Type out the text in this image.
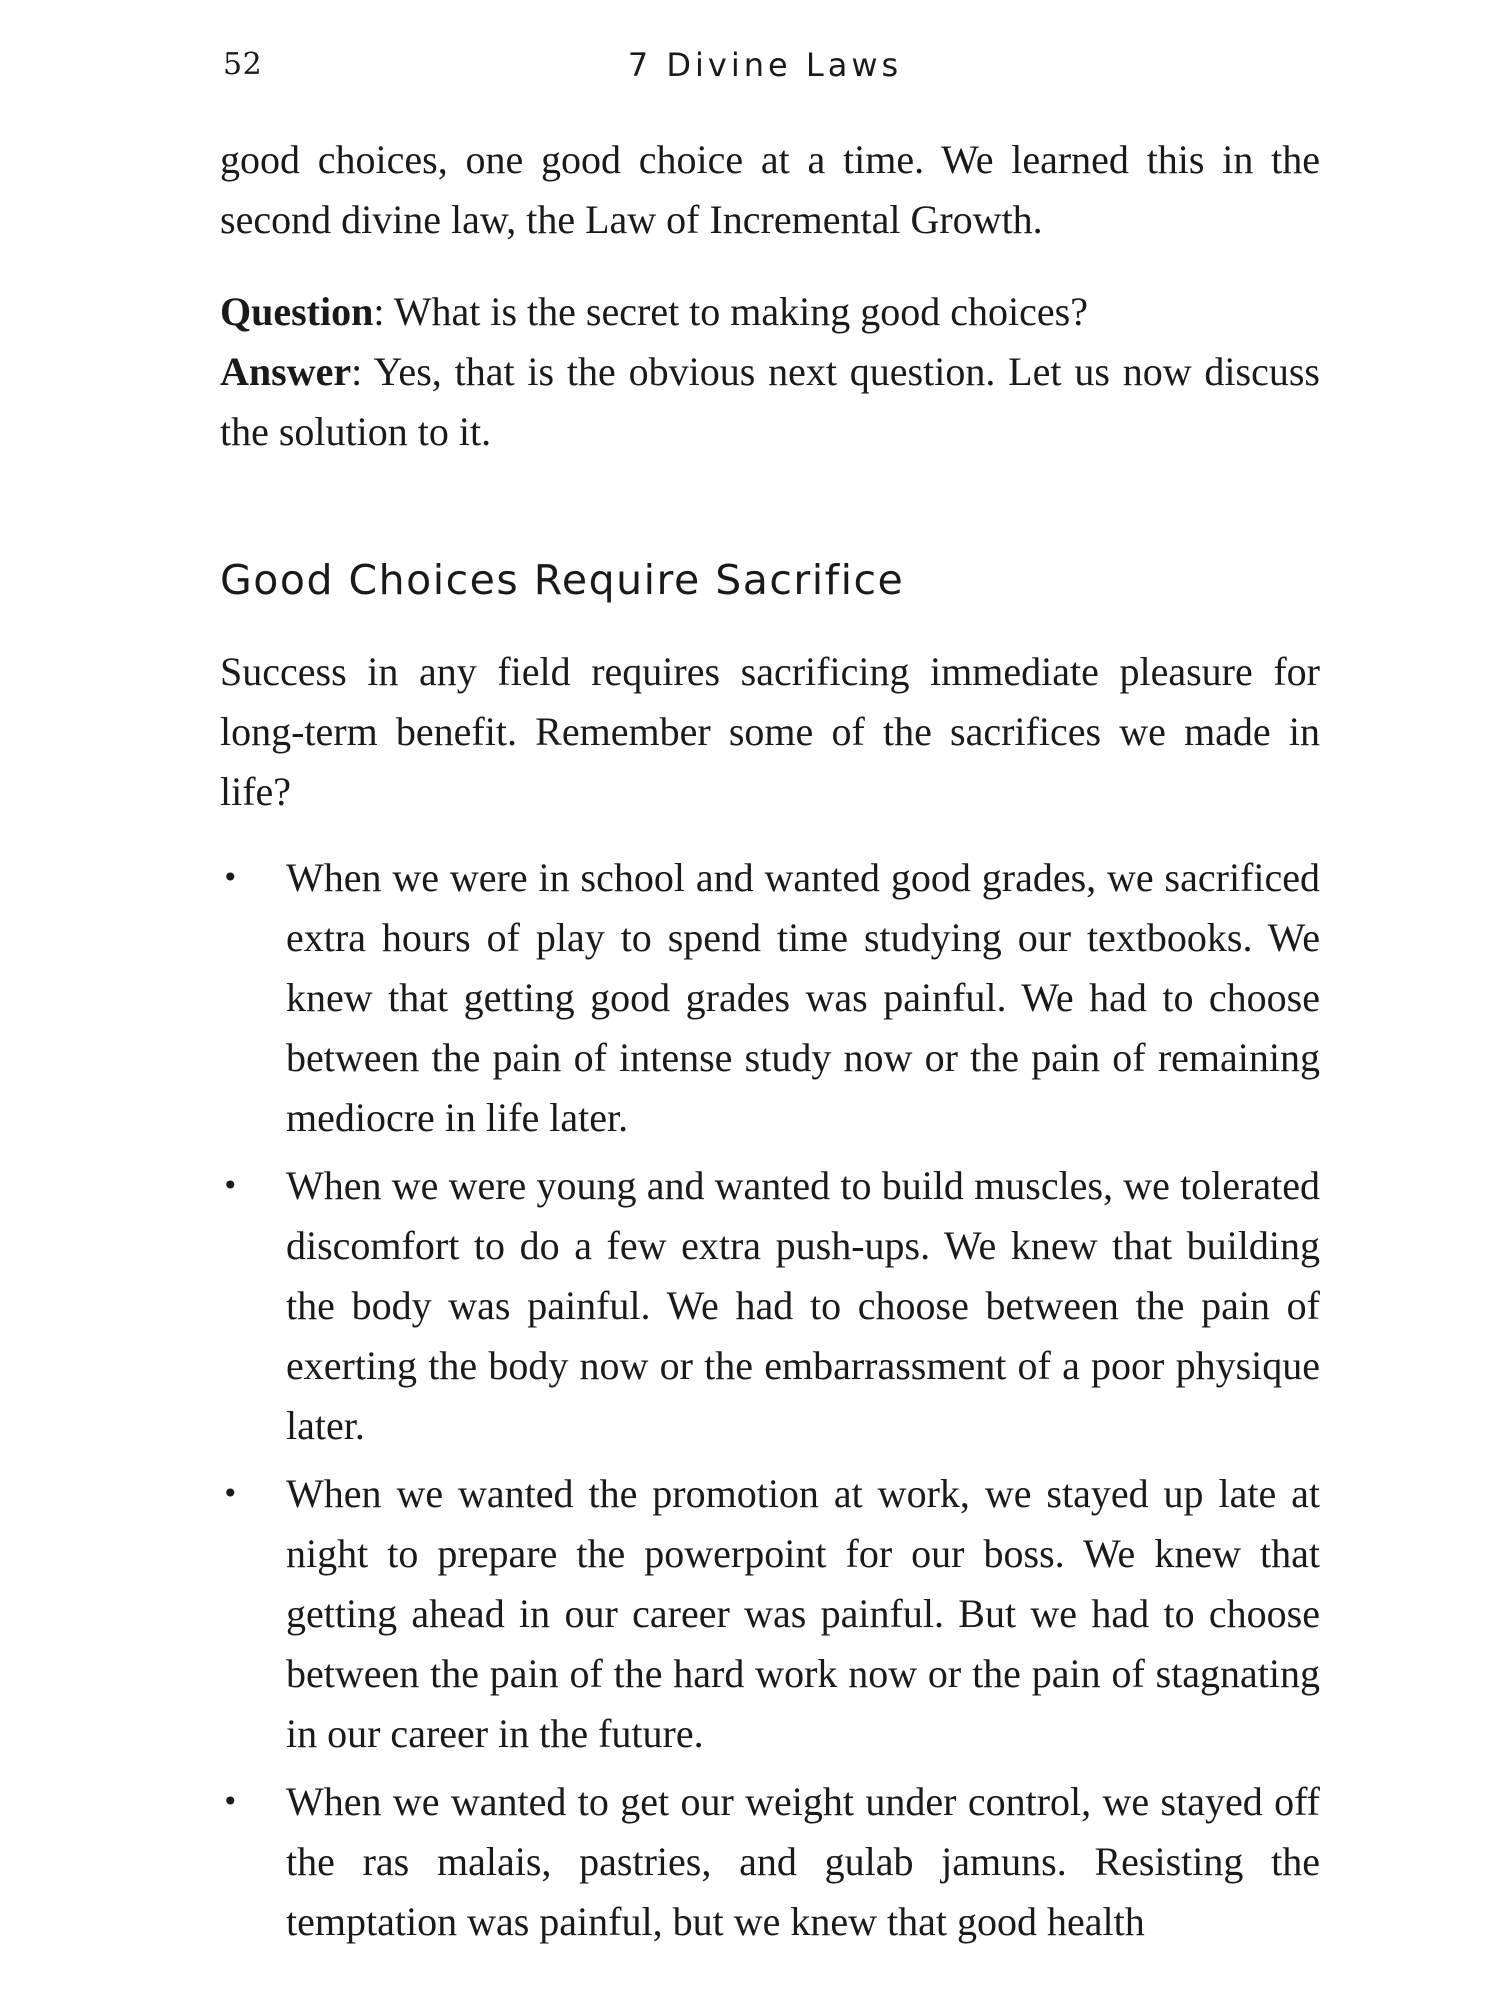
52	7 Divine Laws

good choices, one good choice at a time. We learned this in the second divine law, the Law of Incremental Growth.

Question: What is the secret to making good choices?

Answer: Yes, that is the obvious next question. Let us now discuss the solution to it.

Good Choices Require Sacrifice

Success in any field requires sacrificing immediate pleasure for long-term benefit. Remember some of the sacrifices we made in life?

•	When we were in school and wanted good grades, we sacrificed extra hours of play to spend time studying our textbooks. We knew that getting good grades was painful. We had to choose between the pain of intense study now or the pain of remaining mediocre in life later.
•	When we were young and wanted to build muscles, we tolerated discomfort to do a few extra push-ups. We knew that building the body was painful. We had to choose between the pain of exerting the body now or the embarrassment of a poor physique later.
•	When we wanted the promotion at work, we stayed up late at night to prepare the powerpoint for our boss. We knew that getting ahead in our career was painful. But we had to choose between the pain of the hard work now or the pain of stagnating in our career in the future.
•	When we wanted to get our weight under control, we stayed off the ras malais, pastries, and gulab jamuns. Resisting the temptation was painful, but we knew that good health
